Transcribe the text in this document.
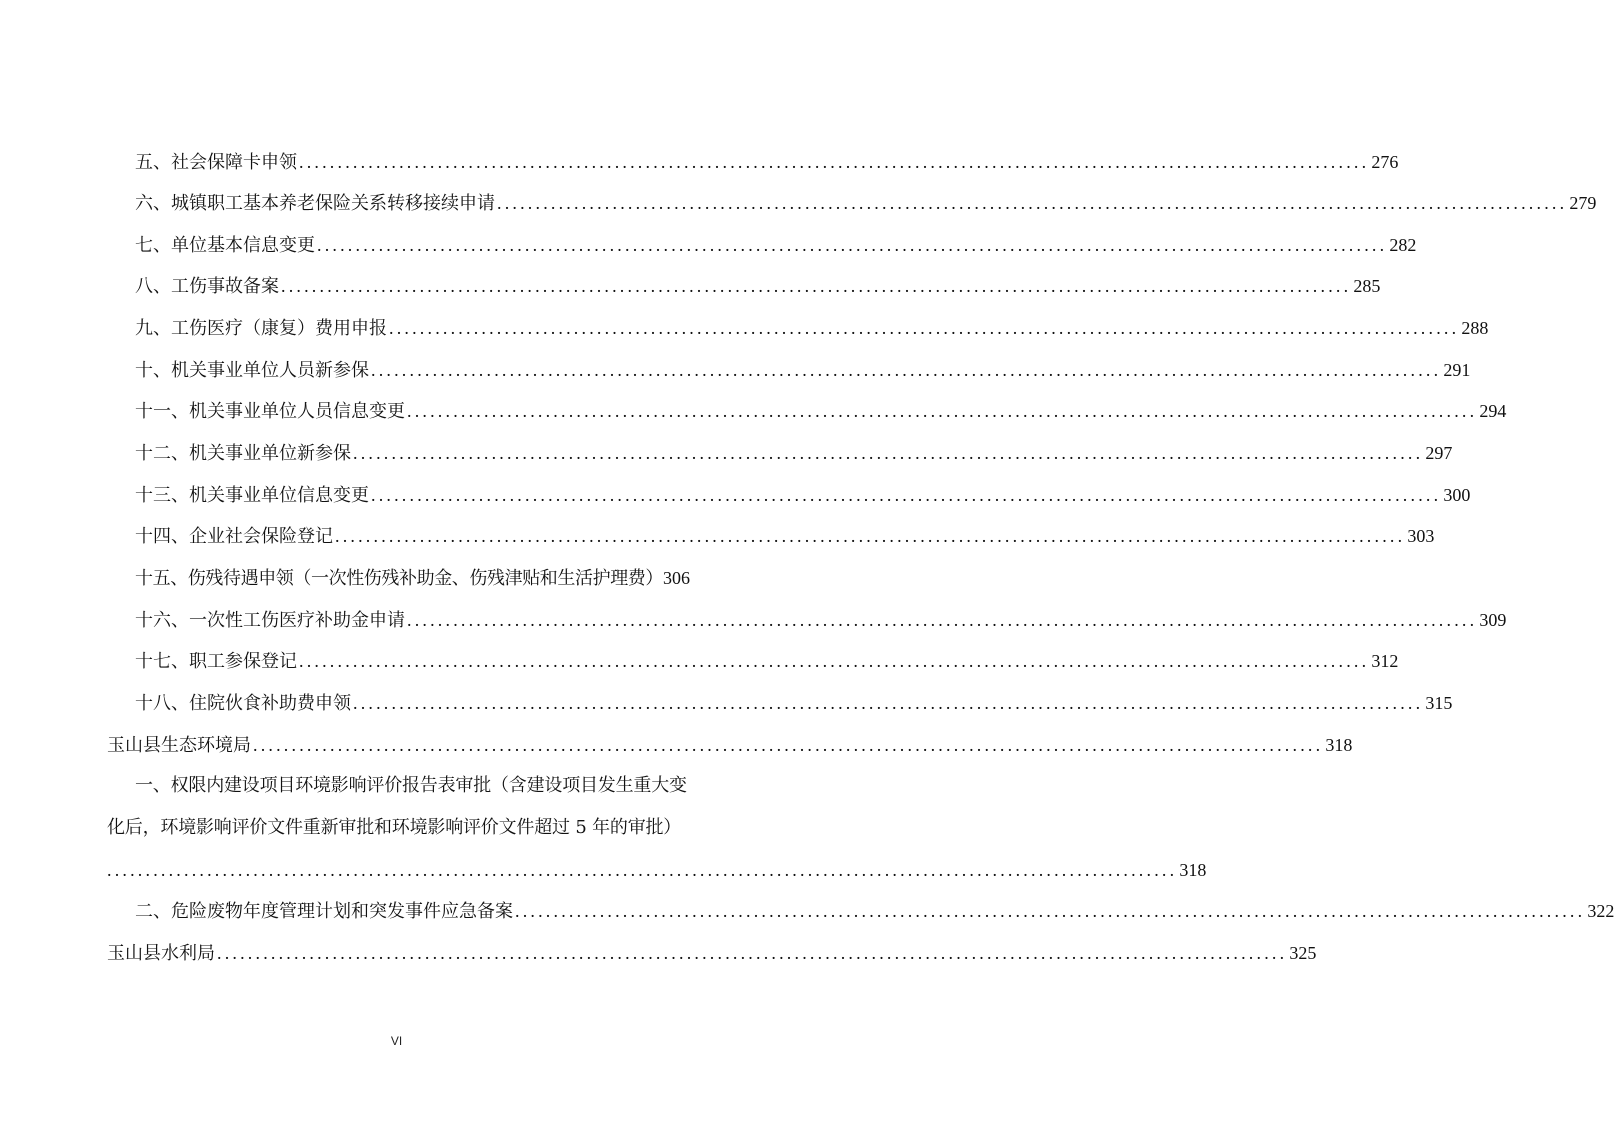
五、社会保障卡申领 ........................................................................................................................................... 276
六、城镇职工基本养老保险关系转移接续申请 ........................................................................................................................................... 279
七、单位基本信息变更 ........................................................................................................................................... 282
八、工伤事故备案 ........................................................................................................................................... 285
九、工伤医疗（康复）费用申报 ........................................................................................................................................... 288
十、机关事业单位人员新参保 ........................................................................................................................................... 291
十一、机关事业单位人员信息变更 ........................................................................................................................................... 294
十二、机关事业单位新参保 ........................................................................................................................................... 297
十三、机关事业单位信息变更 ........................................................................................................................................... 300
十四、企业社会保险登记 ........................................................................................................................................... 303
十五、伤残待遇申领（一次性伤残补助金、伤残津贴和生活护理费） 306
十六、一次性工伤医疗补助金申请 ........................................................................................................................................... 309
十七、职工参保登记 ........................................................................................................................................... 312
十八、住院伙食补助费申领 ........................................................................................................................................... 315
玉山县生态环境局 ........................................................................................................................................... 318
一、权限内建设项目环境影响评价报告表审批（含建设项目发生重大变
化后，环境影响评价文件重新审批和环境影响评价文件超过 5 年的审批）
........................................................................................................................................... 318
二、危险废物年度管理计划和突发事件应急备案 ........................................................................................................................................... 322
玉山县水利局 ........................................................................................................................................... 325
VI
